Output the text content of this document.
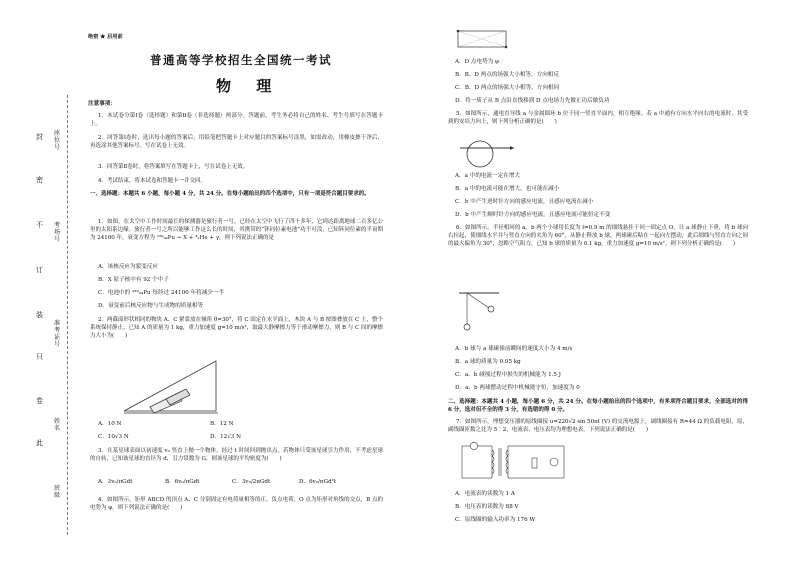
封
密
不
订
装
只
卷
此
班级
姓名
准考证号
考场号
座位号
绝密 ★ 启用前
普通高等学校招生全国统一考试
物 理
注意事项：
1．本试卷分第Ⅰ卷（选择题）和第Ⅱ卷（非选择题）两部分。答题前，考生务必将自己的姓名、考生号填写在答题卡上。
2．回答第Ⅰ卷时，选出每小题的答案后，用铅笔把答题卡上对应题目的答案标号涂黑，如需改动，用橡皮擦干净后，再选涂其他答案标号。写在试卷上无效。
3．回答第Ⅱ卷时，将答案填写在答题卡上，写在试卷上无效。
4．考试结束，将本试卷和答题卡一并交回。
一、选择题：本题共 6 小题，每小题 4 分，共 24 分。在每小题给出的四个选项中，只有一项是符合题目要求的。
1．如图，在太空中工作时间最长的探测器是旅行者一号，已经在太空中飞行了四十多年，它到达距离地球二百多亿公里的太阳系边缘。旅行者一号之所以能够工作这么长的时间，其携带的“钚同位素电池”功不可没，已知钚同位素的半衰期为 24100 年，衰变方程为 ²³⁹₉₄Pu → X + ⁴₂He + γ，则下列说法正确的是
A．该核反应为裂变反应
B．X 原子核中有 92 个中子
C．电池中的 ²³⁹₉₄Pu 每经过 24100 年将减少一半
D．衰变前后核反应物与生成物的质量相等
2．两截面形状相同的物块 A、C 紧靠放在倾角 θ=30°，将 C 固定在水平面上，木块 A 与 B 按图叠放在 C 上，整个系统保持静止。已知 A 的质量为 1 kg，重力加速度 g=10 m/s²，取最大静摩擦力等于滑动摩擦力，则 B 与 C 间的摩擦力大小为(　　)
A．10 N	B．12 N
C．10√3 N	D．12√3 N
3．在某星球表面以初速度 v₀ 竖直上抛一个物体，经过 t 时间回到抛出点。若物体只受该星球引力作用，不考虑星球的自转，已知该星球的直径为 d，引力常数为 G，则该星球的平均密度为(　　)
A．3v₀/πGdt	B．6v₀/πGdt	C．3v₀/2πGdt	D．6v₀/πGd²t
4．如图所示，矩形 ABCD 的顶点 A、C 分别固定有电荷量相等的正、负点电荷，O 点为矩形对角线的交点，B 点的电势为 φ，则下列说法正确的是(　　)
A．D 点电势为 φ
B．B、D 两点的场强大小相等，方向相反
C．B、D 两点的场强大小相等，方向相同
D．将一质子从 B 点沿直线移到 D 点电场力先做正功后做负功
5．如图所示，通电直导线 a 与金属圆环 b 位于同一竖直平面内，相互绝缘。若 a 中通有方向水平向右的电流时，其受到的安培力向上，则下列分析正确的是(　　)
A．a 中的电流一定在增大
B．a 中的电流可能在增大，也可能在减小
C．b 中产生逆时针方向的感应电流，且感应电流在减小
D．b 中产生顺时针方向的感应电流，且感应电流可能恒定不变
6．如图所示，半径相同的 a、b 两个小球用长度为 l=0.9 m 的细线悬挂于同一固定点 O，让 a 球静止下垂，将 b 球向右拉起，使细线水平并与竖直方向的夹角为 60°，从静止释放 b 球，两球碰后粘在一起向左摆动，此后细线与竖直方向之间的最大偏角为 30°，忽略空气阻力，已知 b 球的质量为 0.1 kg，重力加速度 g=10 m/s²。则下列分析正确的是(　　)
A．b 球与 a 球碰撞前瞬间的速度大小为 4 m/s
B．a 球的质量为 0.05 kg
C．a、b 碰撞过程中损失的机械能为 1.5 J
D．a、b 两球摆动过程中机械能守恒，加速度为 0
二、选择题：本题共 4 小题，每小题 6 分，共 24 分。在每小题给出的四个选项中，有多项符合题目要求，全部选对的得 6 分，选对但不全的得 3 分，有选错的得 0 分。
7．如图所示，理想变压器的原线圈接 u=220√2 sin 50πt (V) 的交流电源上，副线圈接有 R=44 Ω 的负载电阻，原、副线圈匝数之比为 5∶2，电流表、电压表均为理想电表。下列说法正确的是(　　)
A．电流表的读数为 1 A
B．电压表的读数为 88 V
C．原线圈的输入功率为 176 W
